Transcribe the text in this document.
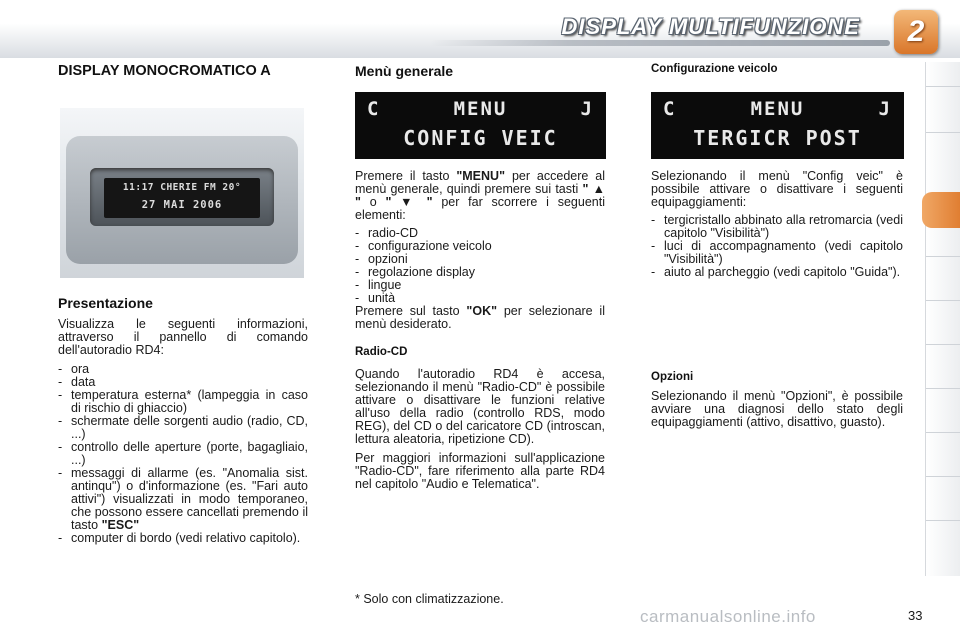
DISPLAY MULTIFUNZIONE 2
DISPLAY MONOCROMATICO A
11:17 CHERIE FM 20°
27 MAI 2006
Presentazione

Visualizza le seguenti informazioni, attraverso il pannello di comando dell'autoradio RD4:

- ora
- data
- temperatura esterna* (lampeggia in caso di rischio di ghiaccio)
- schermate delle sorgenti audio (radio, CD, ...)
- controllo delle aperture (porte, bagagliaio, ...)
- messaggi di allarme (es. "Anomalia sist. antinqu") o d'informazione (es. "Fari auto attivi") visualizzati in modo temporaneo, che possono essere cancellati premendo il tasto "ESC"
- computer di bordo (vedi relativo capitolo).
Menù generale
C	MENU	J
CONFIG VEIC

Premere il tasto "MENU" per accedere al menù generale, quindi premere sui tasti " ▲ " o " ▼ " per far scorrere i seguenti elementi:

- radio-CD
- configurazione veicolo
- opzioni
- regolazione display
- lingue
- unità

Premere sul tasto "OK" per selezionare il menù desiderato.

Radio-CD

Quando l'autoradio RD4 è accesa, selezionando il menù "Radio-CD" è possibile attivare o disattivare le funzioni relative all'uso della radio (controllo RDS, modo REG), del CD o del caricatore CD (introscan, lettura aleatoria, ripetizione CD).

Per maggiori informazioni sull'applicazione "Radio-CD", fare riferimento alla parte RD4 nel capitolo "Audio e Telematica".

Configurazione veicolo
C	MENU	J
TERGICR POST

Selezionando il menù "Config veic" è possibile attivare o disattivare i seguenti equipaggiamenti:

- tergicristallo abbinato alla retromarcia (vedi capitolo "Visibilità")
- luci di accompagnamento (vedi capitolo "Visibilità")
- aiuto al parcheggio (vedi capitolo "Guida").
Opzioni

Selezionando il menù "Opzioni", è possibile avviare una diagnosi dello stato degli equipaggiamenti (attivo, disattivo, guasto).

* Solo con climatizzazione.
carmanualsonline.info	33
